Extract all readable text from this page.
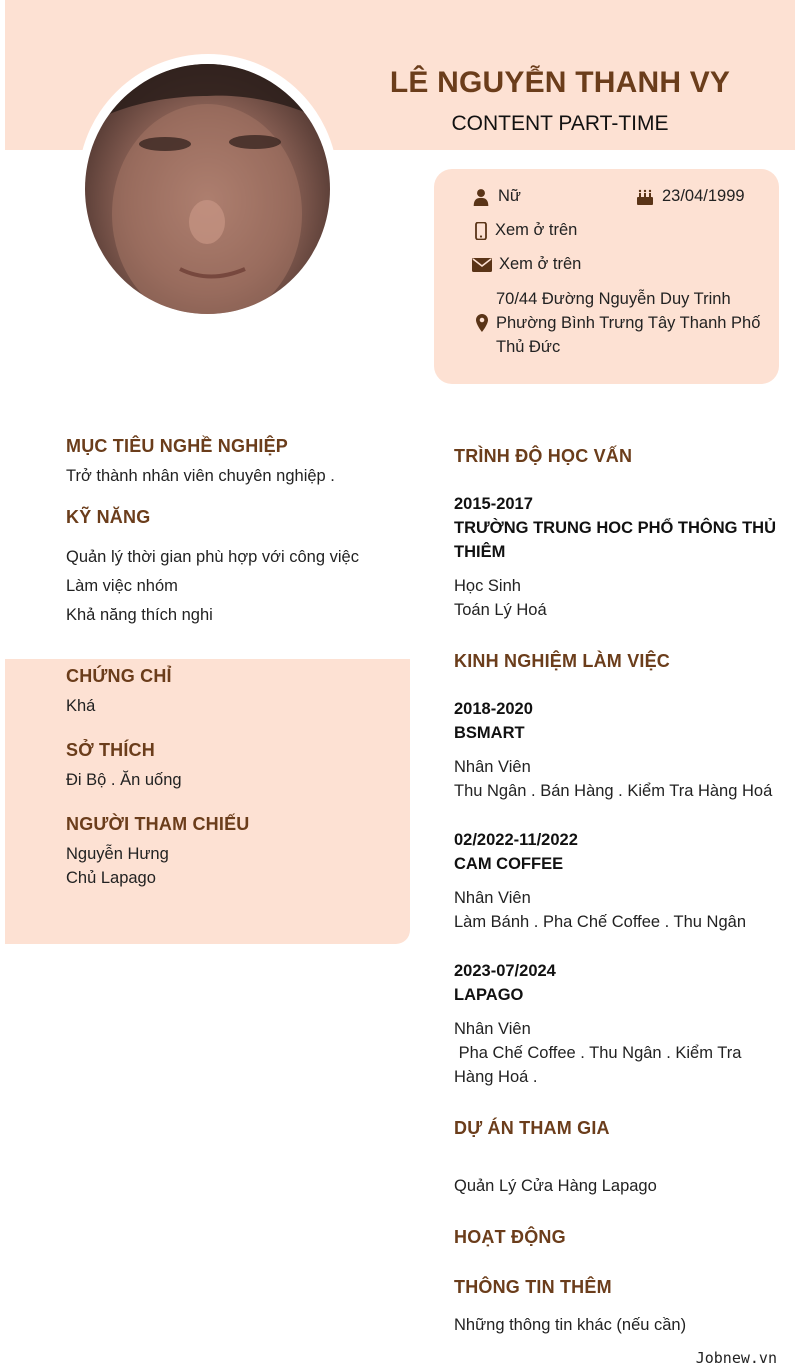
LÊ NGUYỄN THANH VY
CONTENT PART-TIME
Nữ	23/04/1999
Xem ở trên
Xem ở trên
70/44 Đường Nguyễn Duy Trinh
Phường Bình Trưng Tây Thanh Phố
Thủ Đức
MỤC TIÊU NGHỀ NGHIỆP
Trở thành nhân viên chuyên nghiệp .
KỸ NĂNG
Quản lý thời gian phù hợp với công việc
Làm việc nhóm
Khả năng thích nghi
CHỨNG CHỈ
Khá
SỞ THÍCH
Đi Bộ . Ăn uống
NGƯỜI THAM CHIẾU
Nguyễn Hưng
Chủ Lapago
TRÌNH ĐỘ HỌC VẤN
2015-2017
TRƯỜNG TRUNG HOC PHỔ THÔNG THỦ
THIÊM
Học Sinh
Toán Lý Hoá
KINH NGHIỆM LÀM VIỆC
2018-2020
BSMART
Nhân Viên
Thu Ngân . Bán Hàng . Kiểm Tra Hàng Hoá
02/2022-11/2022
CAM COFFEE
Nhân Viên
Làm Bánh . Pha Chế Coffee . Thu Ngân
2023-07/2024
LAPAGO
Nhân Viên
Pha Chế Coffee . Thu Ngân . Kiểm Tra
Hàng Hoá .
DỰ ÁN THAM GIA
Quản Lý Cửa Hàng Lapago
HOẠT ĐỘNG
THÔNG TIN THÊM
Những thông tin khác (nếu cần)
Jobnew.vn
